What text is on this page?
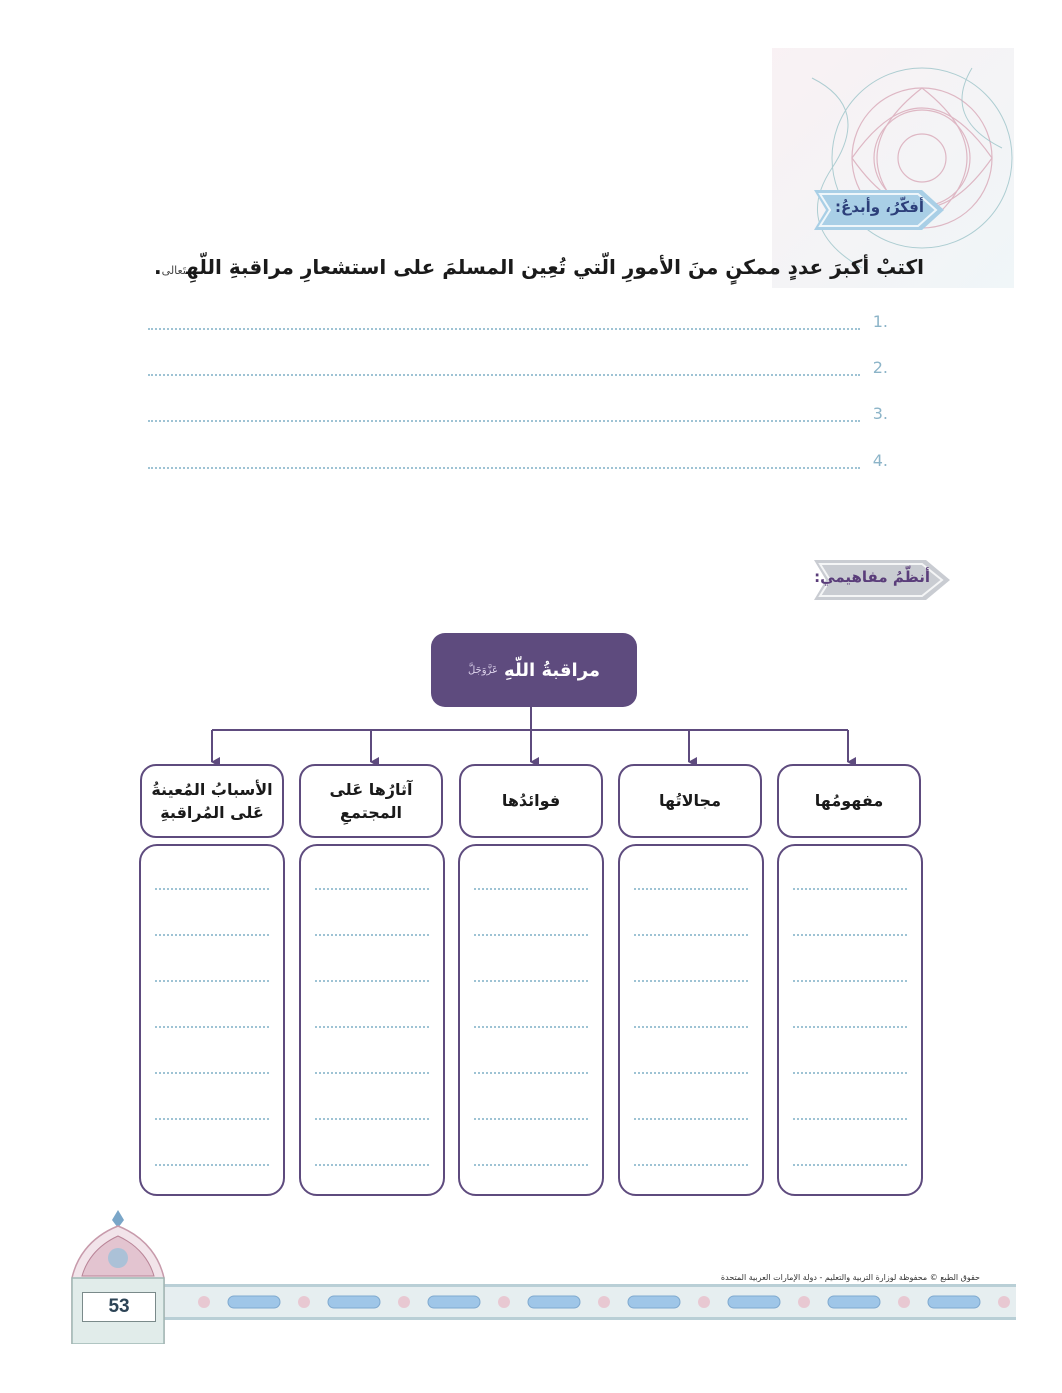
أفكّرُ، وأبدعُ:
اكتبْ أكبرَ عددٍ ممكنٍ منَ الأمورِ الّتي تُعِين المسلمَ على استشعارِ مراقبةِ اللّهِتَعالى.
.1
.2
.3
.4
أنظّمُ مفاهيمي:
مراقبةُ اللّهِ
عَزَّوَجَلَّ
مفهومُها
مجالاتُها
فوائدُها
آثارُها عَلى المجتمعِ
الأسبابُ المُعينةُ عَلى المُراقبةِ
حقوق الطبع © محفوظة لوزارة التربية والتعليم - دولة الإمارات العربية المتحدة
53
